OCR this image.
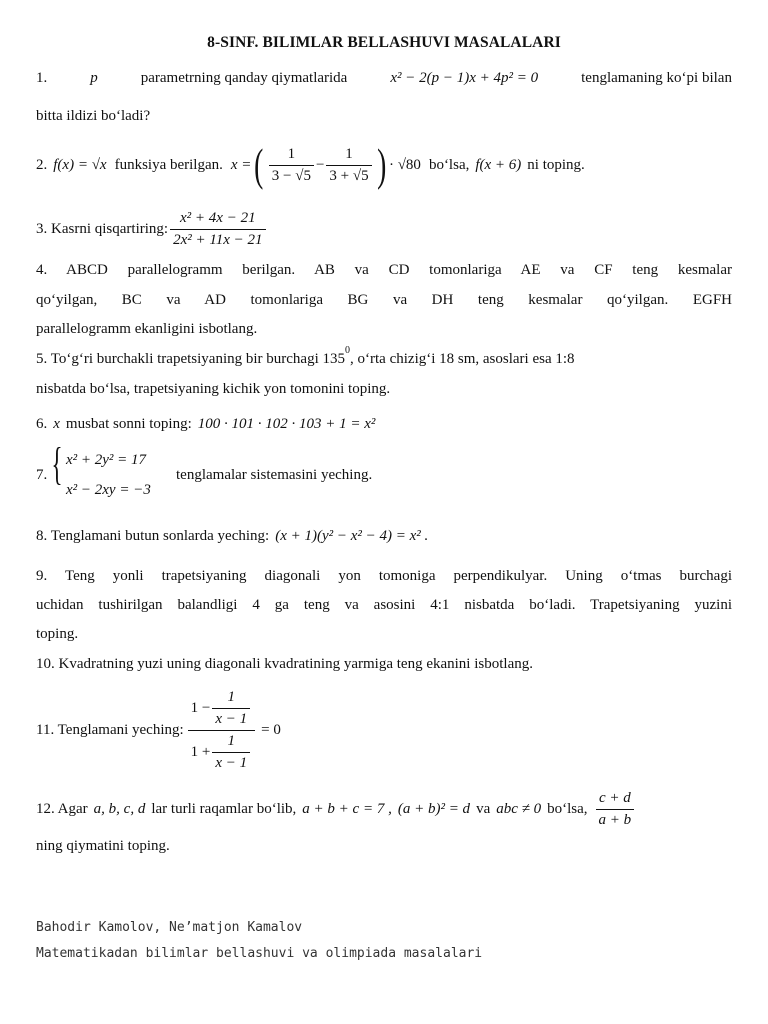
8-SINF. BILIMLAR BELLASHUVI MASALALARI
1.	p	parametrning qanday qiymatlarida	x² − 2(p − 1)x + 4p² = 0	tenglamaning ko‘pi bilan
bitta ildizi bo‘ladi?
2. f(x) = √x funksiya berilgan. x = ( $\frac{1}{3 - √5} - \frac{1}{3 + √5}$ ) · √80 bo‘lsa, f(x + 6) ni toping.
3. Kasrni qisqartiring: $\frac{\text{x² + 4x − 21}}{\text{2x² + 11x − 21}}$
4. ABCD parallelogramm berilgan. AB va CD tomonlariga AE va CF teng kesmalar
qo‘yilgan, BC va AD tomonlariga BG va DH teng kesmalar qo‘yilgan. EGFH
parallelogramm ekanligini isbotlang.
5. To‘g‘ri burchakli trapetsiyaning bir burchagi 135
0
, o‘rta chizig‘i 18 sm, asoslari esa 1:8
nisbatda bo‘lsa, trapetsiyaning kichik yon tomonini toping.
6. x musbat sonni toping: 100 · 101 · 102 · 103 + 1 = x²
7. { x² + 2y² = 17
x² − 2xy = −3
tenglamalar sistemasini yeching.
8. Tenglamani butun sonlarda yeching: (x + 1)(y² − x² − 4) = x² .
9. Teng yonli trapetsiyaning diagonali yon tomoniga perpendikulyar. Uning o‘tmas burchagi
uchidan tushirilgan balandligi 4 ga teng va asosini 4:1 nisbatda bo‘ladi. Trapetsiyaning yuzini
toping.
10. Kvadratning yuzi uning diagonali kvadratining yarmiga teng ekanini isbotlang.
11. Tenglamani yeching: $\frac{1 - \frac{1}{x - 1}}{1 + \frac{1}{x - 1}} = 0$
12. Agar a, b, c, d lar turli raqamlar bo‘lib, a + b + c = 7 , (a + b)² = d va abc ≠ 0 bo‘lsa, $\frac{c + d}{a + b}$
ning qiymatini toping.
Bahodir Kamolov, Ne’matjon Kamalov
Matematikadan bilimlar bellashuvi va olimpiada masalalari
